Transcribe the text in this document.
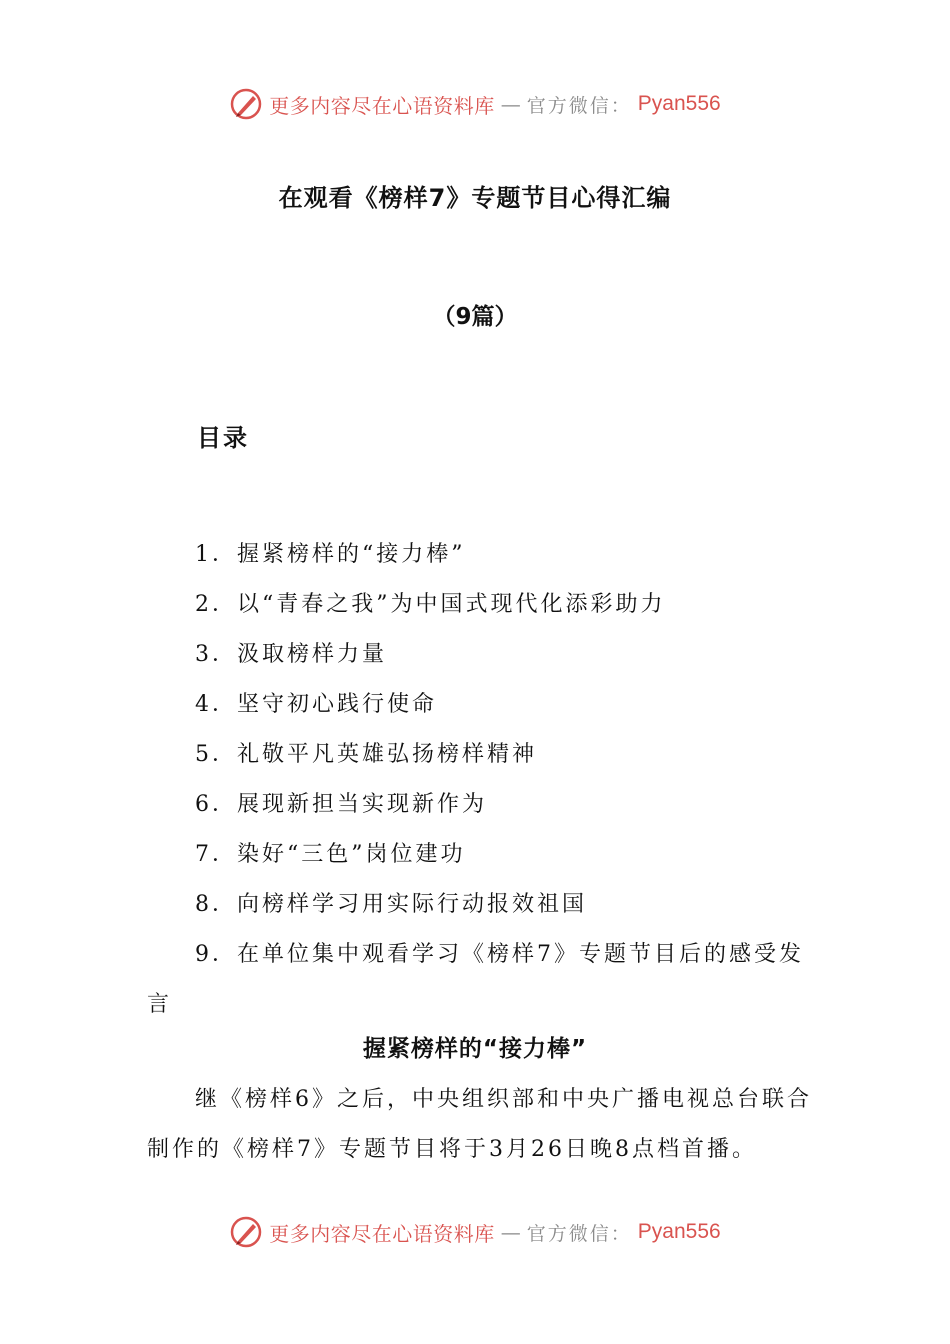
更多内容尽在心语资料库 — 官方微信： Pyan556
在观看《榜样7》专题节目心得汇编
（9篇）
目录
1．握紧榜样的“接力棒”
2．以“青春之我”为中国式现代化添彩助力
3．汲取榜样力量
4．坚守初心践行使命
5．礼敬平凡英雄弘扬榜样精神
6．展现新担当实现新作为
7．染好“三色”岗位建功
8．向榜样学习用实际行动报效祖国
9．在单位集中观看学习《榜样7》专题节目后的感受发言
握紧榜样的“接力棒”

继《榜样6》之后，中央组织部和中央广播电视总台联合制作的《榜样7》专题节目将于3月26日晚8点档首播。

更多内容尽在心语资料库 — 官方微信： Pyan556
